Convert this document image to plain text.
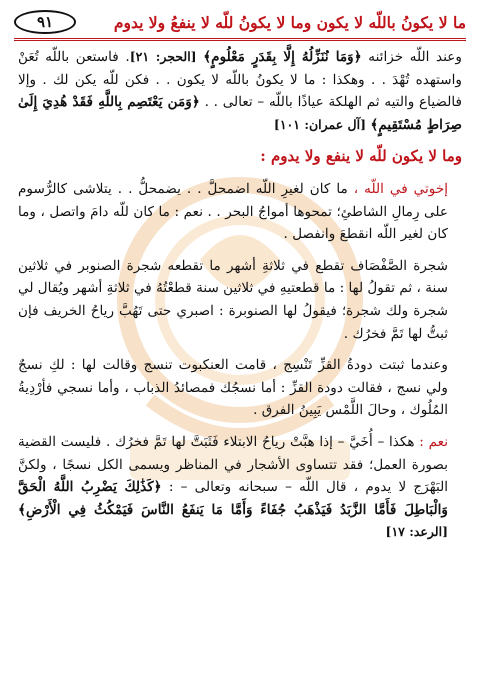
ما لا يكونُ باللّه لا يكون وما لا يكونُ للّه لا ينفعُ ولا يدوم
٩١

وعند اللّه خزائنه ﴿وَمَا نُنَزِّلُهُ إِلَّا بِقَدَرٍ مَعْلُومٍ﴾ [الحجر: ٢١]. فاستعن باللّه تُعَنْ واستهده تُهْدَ . . وهكذا : ما لا يكونُ باللّه لا يكون . . فكن للّه يكن لك . وإلا فالضياع والتيه ثم الهلكة عياذًا باللّه – تعالى . . ﴿وَمَن يَعْتَصِم بِاللَّهِ فَقَدْ هُدِيَ إِلَىٰ صِرَاطٍ مُسْتَقِيمٍ﴾ [آل عمران: ١٠١]

وما لا يكون للّه لا ينفع ولا يدوم :

إخوتي في اللّه ، ما كان لغيرِ اللّه اضمحلَّ . . يضمحلُّ . . يتلاشى كالرُّسوم على رِمالِ الشاطئِ؛ تمحوها أمواجُ البحر . . نعم : ما كان للّه دامَ واتصل ، وما كان لغير اللّه انقطعَ وانفصل .

شجرة الصَّفْصَاف تقطع في ثلاثةِ أشهر ما تقطعه شجرة الصنوبر في ثلاثين سنة ، ثم تقولُ لها : ما قطعتيهِ في ثلاثين سنة قطعْتُهُ في ثلاثةِ أشهر ويُقال لي شجرة ولك شجرة؛ فيقولُ لها الصنوبرة : اصبري حتى تَهُبَّ رياحُ الخريف فإن ثبتُّ لها تَمَّ فخرُك .

وعندما ثبتت دودةُ القزِّ تَنْسِج ، قامت العنكبوت تنسج وقالت لها : لكِ نسجٌ ولي نسج ، فقالت دودة القزِّ : أما نسجُك فمصائدُ الذباب ، وأما نسجي فأرْدِيةُ المُلُوك ، وحالَ اللَّمْس يَبِينُ الفرق .

نعم : هكذا – أُخَيَّ – إذا هبَّتْ رياحُ الابتلاء فَثَبَتَّ لها تَمَّ فخرُك . فليست القضية بصورة العمل؛ فقد تتساوى الأشجار في المناظر ويسمى الكل نسجًا ، ولكنَّ البَهْرَج لا يدوم ، قال اللّه – سبحانه وتعالى – : ﴿كَذَٰلِكَ يَضْرِبُ اللَّهُ الْحَقَّ وَالْبَاطِلَ فَأَمَّا الزَّبَدُ فَيَذْهَبُ جُفَاءً وَأَمَّا مَا يَنفَعُ النَّاسَ فَيَمْكُثُ فِي الْأَرْضِ﴾ [الرعد: ١٧]
